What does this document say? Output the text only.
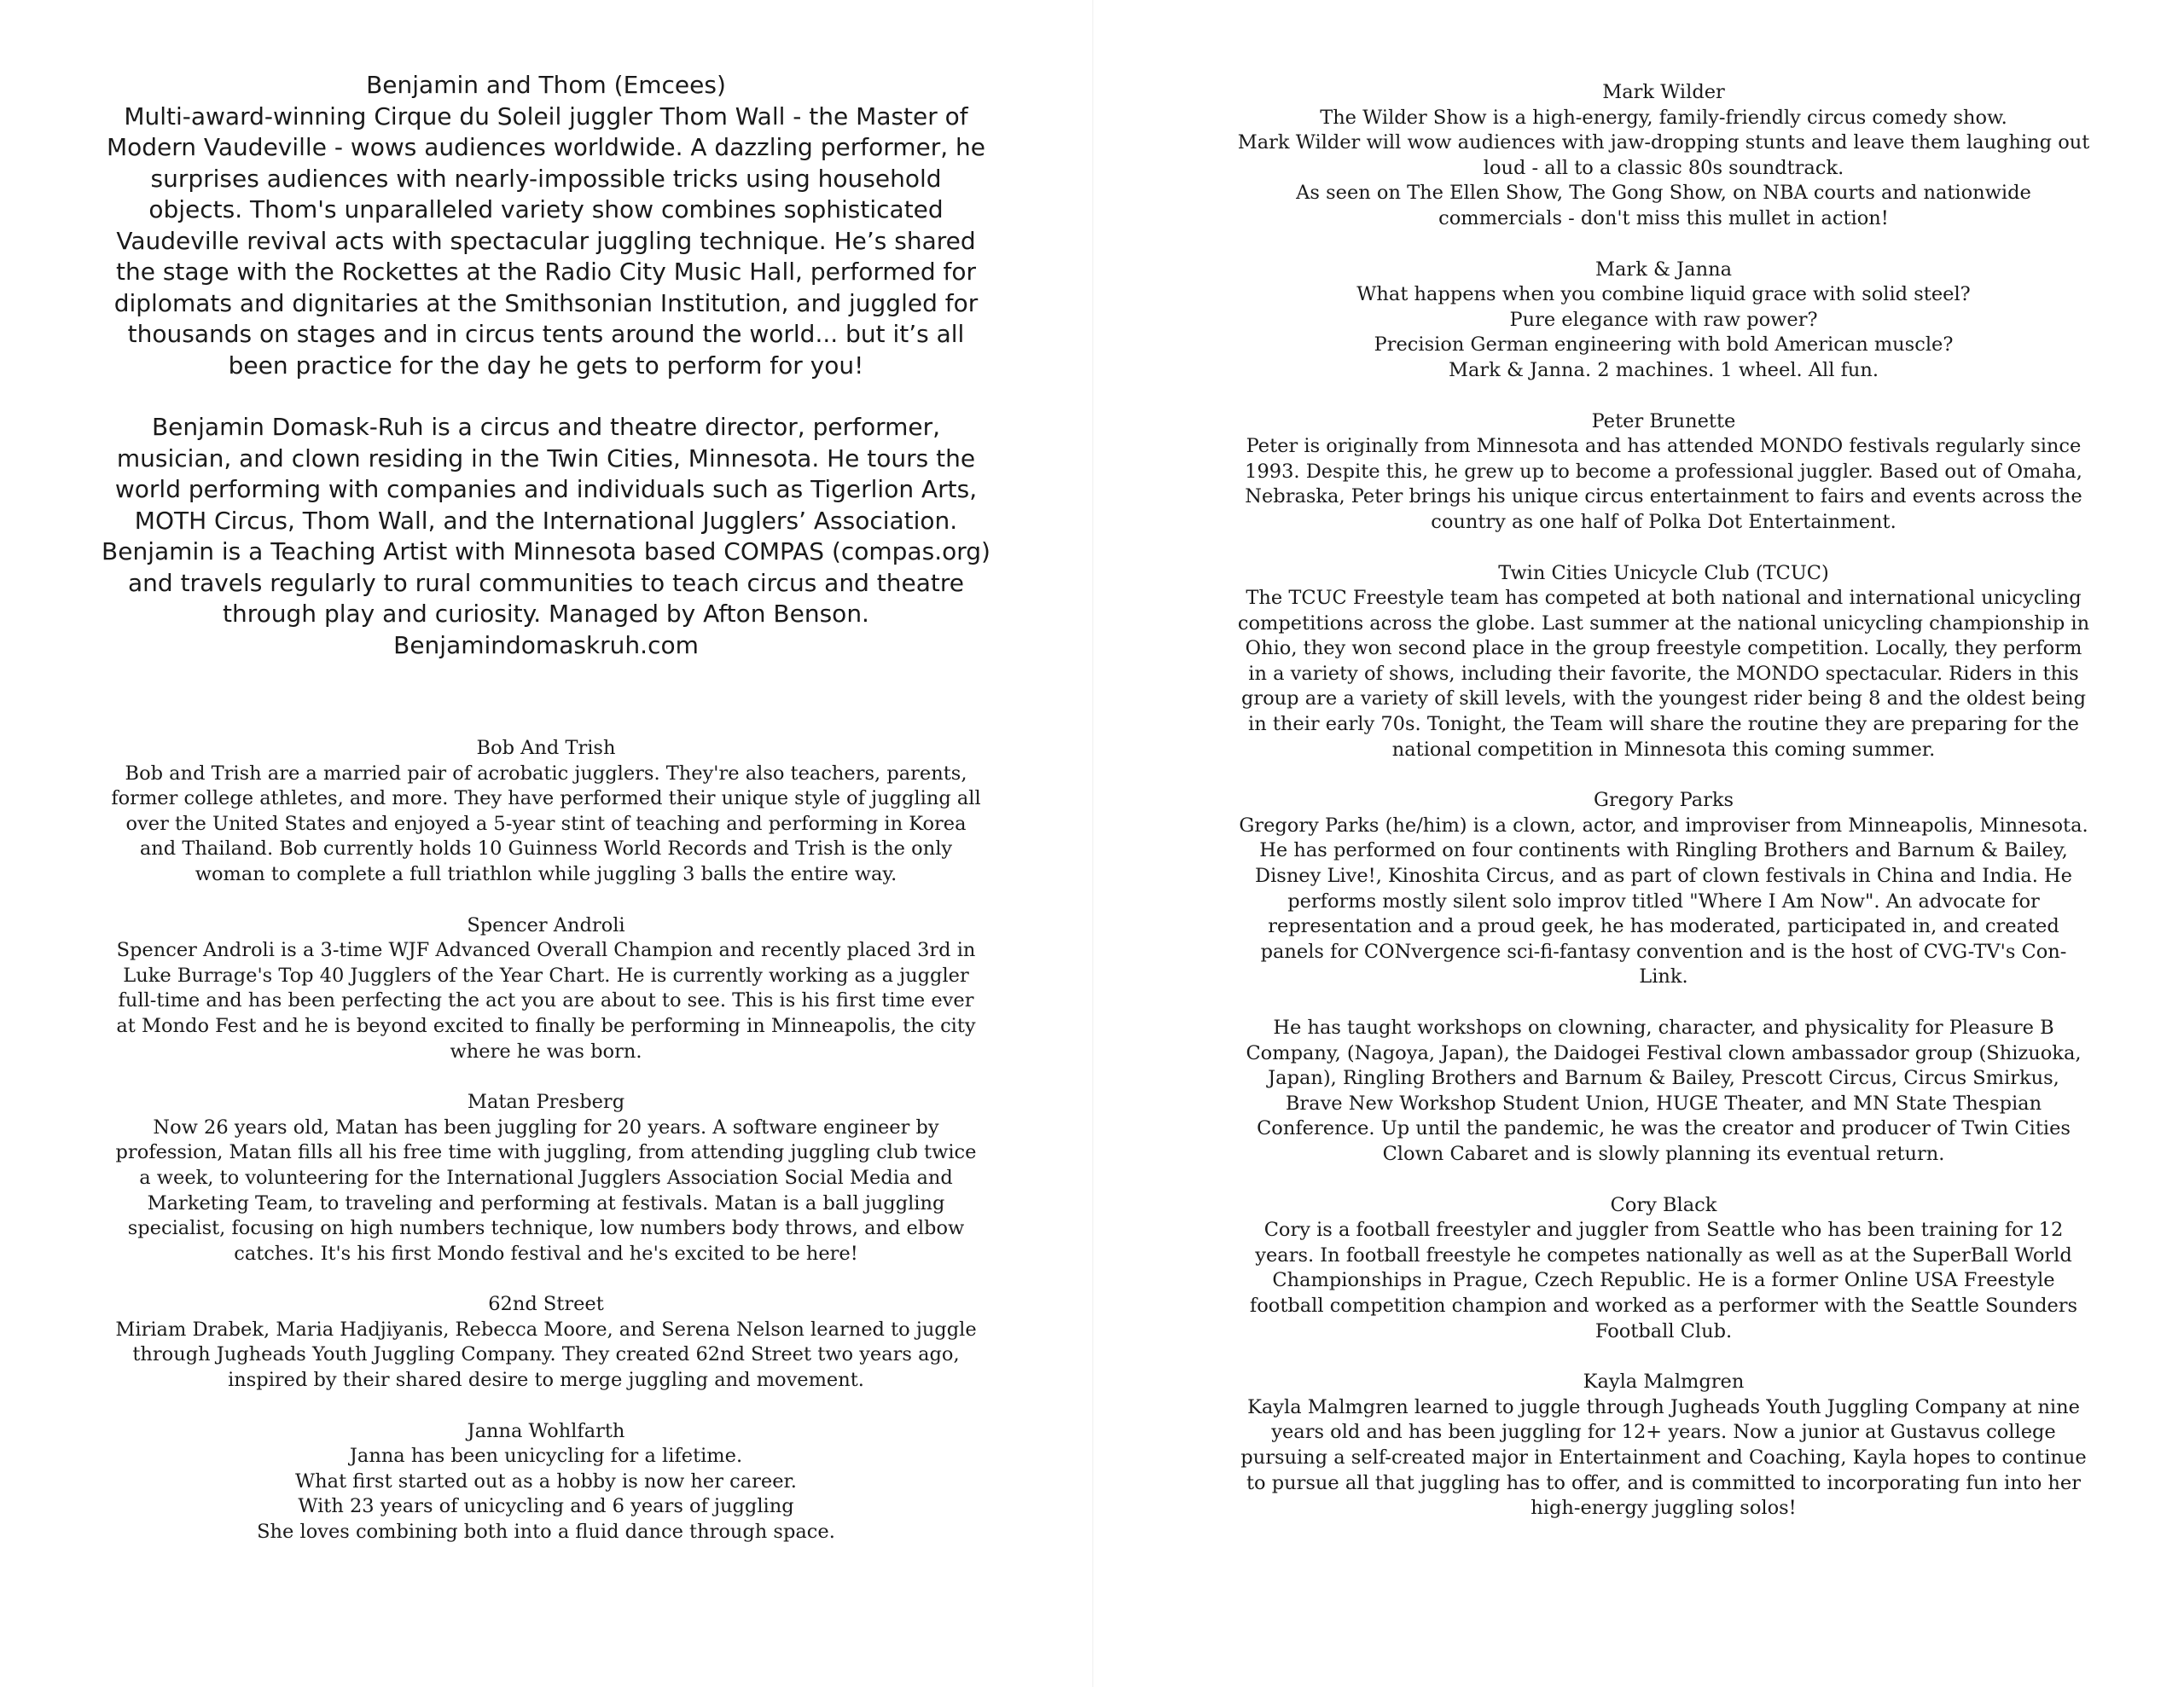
Benjamin and Thom (Emcees)

Multi-award-winning Cirque du Soleil juggler Thom Wall - the Master of Modern Vaudeville - wows audiences worldwide. A dazzling performer, he surprises audiences with nearly-impossible tricks using household objects. Thom's unparalleled variety show combines sophisticated Vaudeville revival acts with spectacular juggling technique. He’s shared the stage with the Rockettes at the Radio City Music Hall, performed for diplomats and dignitaries at the Smithsonian Institution, and juggled for thousands on stages and in circus tents around the world... but it’s all been practice for the day he gets to perform for you!

Benjamin Domask-Ruh is a circus and theatre director, performer, musician, and clown residing in the Twin Cities, Minnesota. He tours the world performing with companies and individuals such as Tigerlion Arts, MOTH Circus, Thom Wall, and the International Jugglers’ Association. Benjamin is a Teaching Artist with Minnesota based COMPAS (compas.org) and travels regularly to rural communities to teach circus and theatre through play and curiosity. Managed by Afton Benson.

Benjamindomaskruh.com

Bob And Trish

Bob and Trish are a married pair of acrobatic jugglers. They're also teachers, parents, former college athletes, and more. They have performed their unique style of juggling all over the United States and enjoyed a 5-year stint of teaching and performing in Korea and Thailand. Bob currently holds 10 Guinness World Records and Trish is the only woman to complete a full triathlon while juggling 3 balls the entire way.

Spencer Androli

Spencer Androli is a 3-time WJF Advanced Overall Champion and recently placed 3rd in Luke Burrage's Top 40 Jugglers of the Year Chart. He is currently working as a juggler full-time and has been perfecting the act you are about to see. This is his first time ever at Mondo Fest and he is beyond excited to finally be performing in Minneapolis, the city where he was born.

Matan Presberg

Now 26 years old, Matan has been juggling for 20 years. A software engineer by profession, Matan fills all his free time with juggling, from attending juggling club twice a week, to volunteering for the International Jugglers Association Social Media and Marketing Team, to traveling and performing at festivals. Matan is a ball juggling specialist, focusing on high numbers technique, low numbers body throws, and elbow catches. It's his first Mondo festival and he's excited to be here!

62nd Street

Miriam Drabek, Maria Hadjiyanis, Rebecca Moore, and Serena Nelson learned to juggle through Jugheads Youth Juggling Company. They created 62nd Street two years ago, inspired by their shared desire to merge juggling and movement.

Janna Wohlfarth

Janna has been unicycling for a lifetime.

What first started out as a hobby is now her career.

With 23 years of unicycling and 6 years of juggling

She loves combining both into a fluid dance through space.

Mark Wilder

The Wilder Show is a high-energy, family-friendly circus comedy show.

Mark Wilder will wow audiences with jaw-dropping stunts and leave them laughing out loud - all to a classic 80s soundtrack.

As seen on The Ellen Show, The Gong Show, on NBA courts and nationwide commercials - don't miss this mullet in action!

Mark & Janna

What happens when you combine liquid grace with solid steel?

Pure elegance with raw power?

Precision German engineering with bold American muscle?

Mark & Janna. 2 machines. 1 wheel. All fun.

Peter Brunette

Peter is originally from Minnesota and has attended MONDO festivals regularly since 1993. Despite this, he grew up to become a professional juggler. Based out of Omaha, Nebraska, Peter brings his unique circus entertainment to fairs and events across the country as one half of Polka Dot Entertainment.

Twin Cities Unicycle Club (TCUC)

The TCUC Freestyle team has competed at both national and international unicycling competitions across the globe. Last summer at the national unicycling championship in Ohio, they won second place in the group freestyle competition. Locally, they perform in a variety of shows, including their favorite, the MONDO spectacular. Riders in this group are a variety of skill levels, with the youngest rider being 8 and the oldest being in their early 70s. Tonight, the Team will share the routine they are preparing for the national competition in Minnesota this coming summer.

Gregory Parks

Gregory Parks (he/him) is a clown, actor, and improviser from Minneapolis, Minnesota. He has performed on four continents with Ringling Brothers and Barnum & Bailey, Disney Live!, Kinoshita Circus, and as part of clown festivals in China and India. He performs mostly silent solo improv titled "Where I Am Now". An advocate for representation and a proud geek, he has moderated, participated in, and created panels for CONvergence sci-fi-fantasy convention and is the host of CVG-TV's Con-Link.

He has taught workshops on clowning, character, and physicality for Pleasure B Company, (Nagoya, Japan), the Daidogei Festival clown ambassador group (Shizuoka, Japan), Ringling Brothers and Barnum & Bailey, Prescott Circus, Circus Smirkus, Brave New Workshop Student Union, HUGE Theater, and MN State Thespian Conference. Up until the pandemic, he was the creator and producer of Twin Cities Clown Cabaret and is slowly planning its eventual return.

Cory Black

Cory is a football freestyler and juggler from Seattle who has been training for 12 years. In football freestyle he competes nationally as well as at the SuperBall World Championships in Prague, Czech Republic. He is a former Online USA Freestyle football competition champion and worked as a performer with the Seattle Sounders Football Club.

Kayla Malmgren

Kayla Malmgren learned to juggle through Jugheads Youth Juggling Company at nine years old and has been juggling for 12+ years. Now a junior at Gustavus college pursuing a self-created major in Entertainment and Coaching, Kayla hopes to continue to pursue all that juggling has to offer, and is committed to incorporating fun into her high-energy juggling solos!
